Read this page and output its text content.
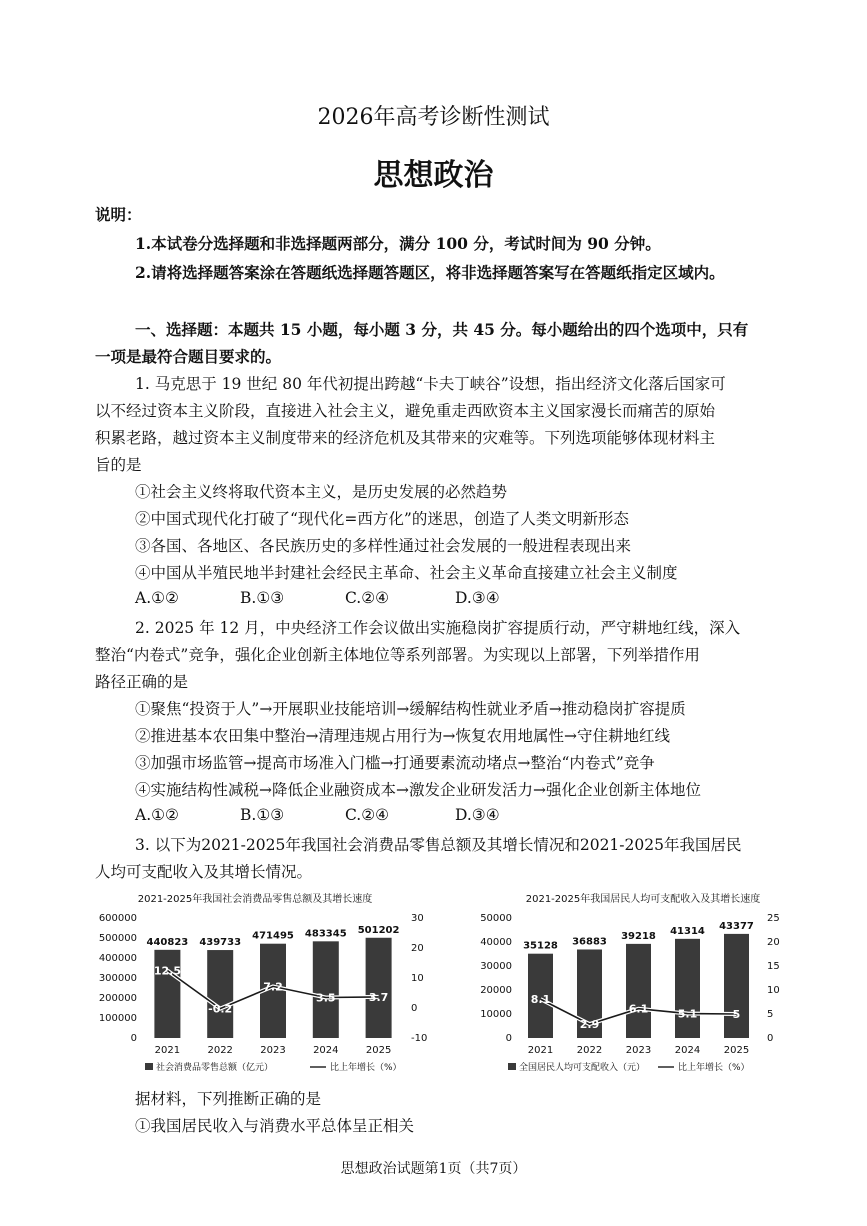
2026年高考诊断性测试
思想政治
说明：
1.本试卷分选择题和非选择题两部分，满分 100 分，考试时间为 90 分钟。
2.请将选择题答案涂在答题纸选择题答题区，将非选择题答案写在答题纸指定区域内。
一、选择题：本题共 15 小题，每小题 3 分，共 45 分。每小题给出的四个选项中，只有
一项是最符合题目要求的。
1. 马克思于 19 世纪 80 年代初提出跨越“卡夫丁峡谷”设想，指出经济文化落后国家可
以不经过资本主义阶段，直接进入社会主义，避免重走西欧资本主义国家漫长而痛苦的原始
积累老路，越过资本主义制度带来的经济危机及其带来的灾难等。下列选项能够体现材料主
旨的是
①社会主义终将取代资本主义，是历史发展的必然趋势
②中国式现代化打破了“现代化=西方化”的迷思，创造了人类文明新形态
③各国、各地区、各民族历史的多样性通过社会发展的一般进程表现出来
④中国从半殖民地半封建社会经民主革命、社会主义革命直接建立社会主义制度
A.①②	B.①③	C.②④	D.③④
2. 2025 年 12 月，中央经济工作会议做出实施稳岗扩容提质行动，严守耕地红线，深入
整治“内卷式”竞争，强化企业创新主体地位等系列部署。为实现以上部署，下列举措作用
路径正确的是
①聚焦“投资于人”→开展职业技能培训→缓解结构性就业矛盾→推动稳岗扩容提质
②推进基本农田集中整治→清理违规占用行为→恢复农用地属性→守住耕地红线
③加强市场监管→提高市场准入门槛→打通要素流动堵点→整治“内卷式”竞争
④实施结构性减税→降低企业融资成本→激发企业研发活力→强化企业创新主体地位
A.①②	B.①③	C.②④	D.③④
3. 以下为2021-2025年我国社会消费品零售总额及其增长情况和2021-2025年我国居民
人均可支配收入及其增长情况。
2021-2025年我国社会消费品零售总额及其增长速度
0
100000
200000
300000
400000
500000
600000
-10
0
10
20
30
440823
2021
439733
2022
471495
2023
483345
2024
501202
2025
12.5
-0.2
7.2
3.5	3.7
社会消费品零售总额（亿元）	比上年增长（%）
2021-2025年我国居民人均可支配收入及其增长速度
0
10000
20000
30000
40000
50000
0
5
10
15
20
25
35128
2021
36883
2022
39218
2023
41314
2024
43377
2025
8.1
2.9
6.1	5.1	5
全国居民人均可支配收入（元）	比上年增长（%）
据材料，下列推断正确的是
①我国居民收入与消费水平总体呈正相关
思想政治试题第1页（共7页）
